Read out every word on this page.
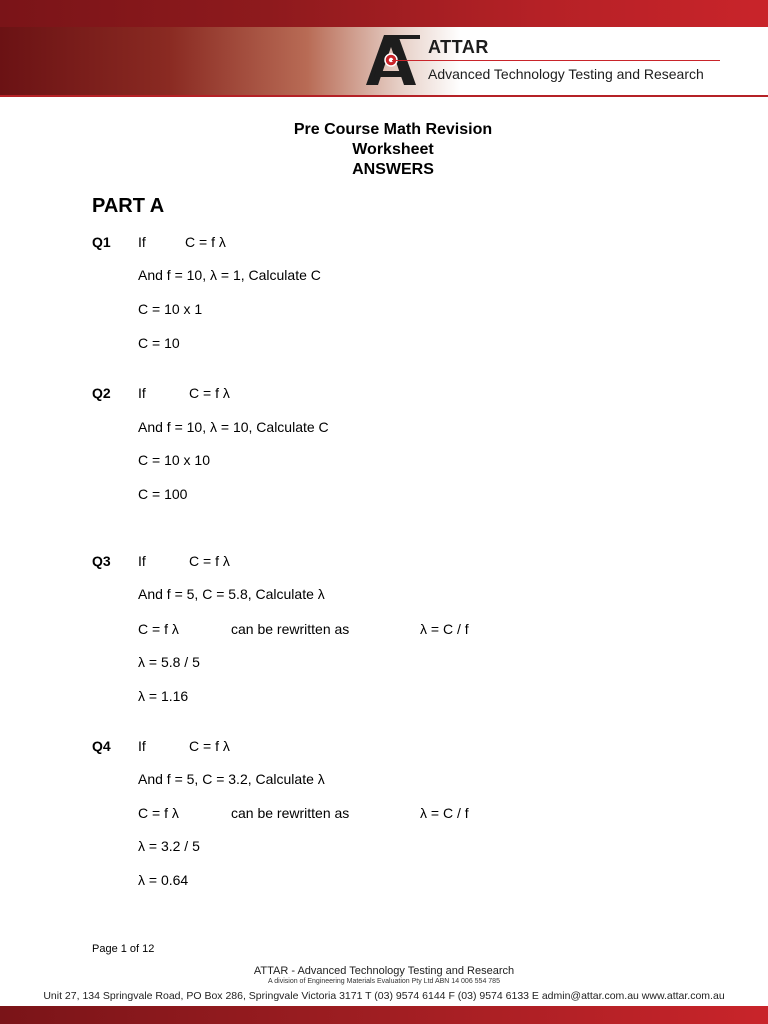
ATTAR
Advanced Technology Testing and Research
Pre Course Math Revision
Worksheet
ANSWERS
PART A
Q1 If	C = f λ
And f = 10, λ = 1, Calculate C
C = 10 x 1
C = 10
Q2 If	C = f λ
And f = 10, λ = 10, Calculate C
C = 10 x 10
C = 100
Q3 If	C = f λ
And f = 5, C = 5.8, Calculate λ
C = f λ	can be rewritten as	λ = C / f
λ = 5.8 / 5
λ = 1.16
Q4 If	C = f λ
And f = 5, C = 3.2, Calculate λ
C = f λ	can be rewritten as	λ = C / f
λ = 3.2 / 5
λ = 0.64
Page 1 of 12
ATTAR - Advanced Technology Testing and Research
A division of Engineering Materials Evaluation Pty Ltd ABN 14 006 554 785
Unit 27, 134 Springvale Road, PO Box 286, Springvale Victoria 3171 T (03) 9574 6144 F (03) 9574 6133 E admin@attar.com.au www.attar.com.au
